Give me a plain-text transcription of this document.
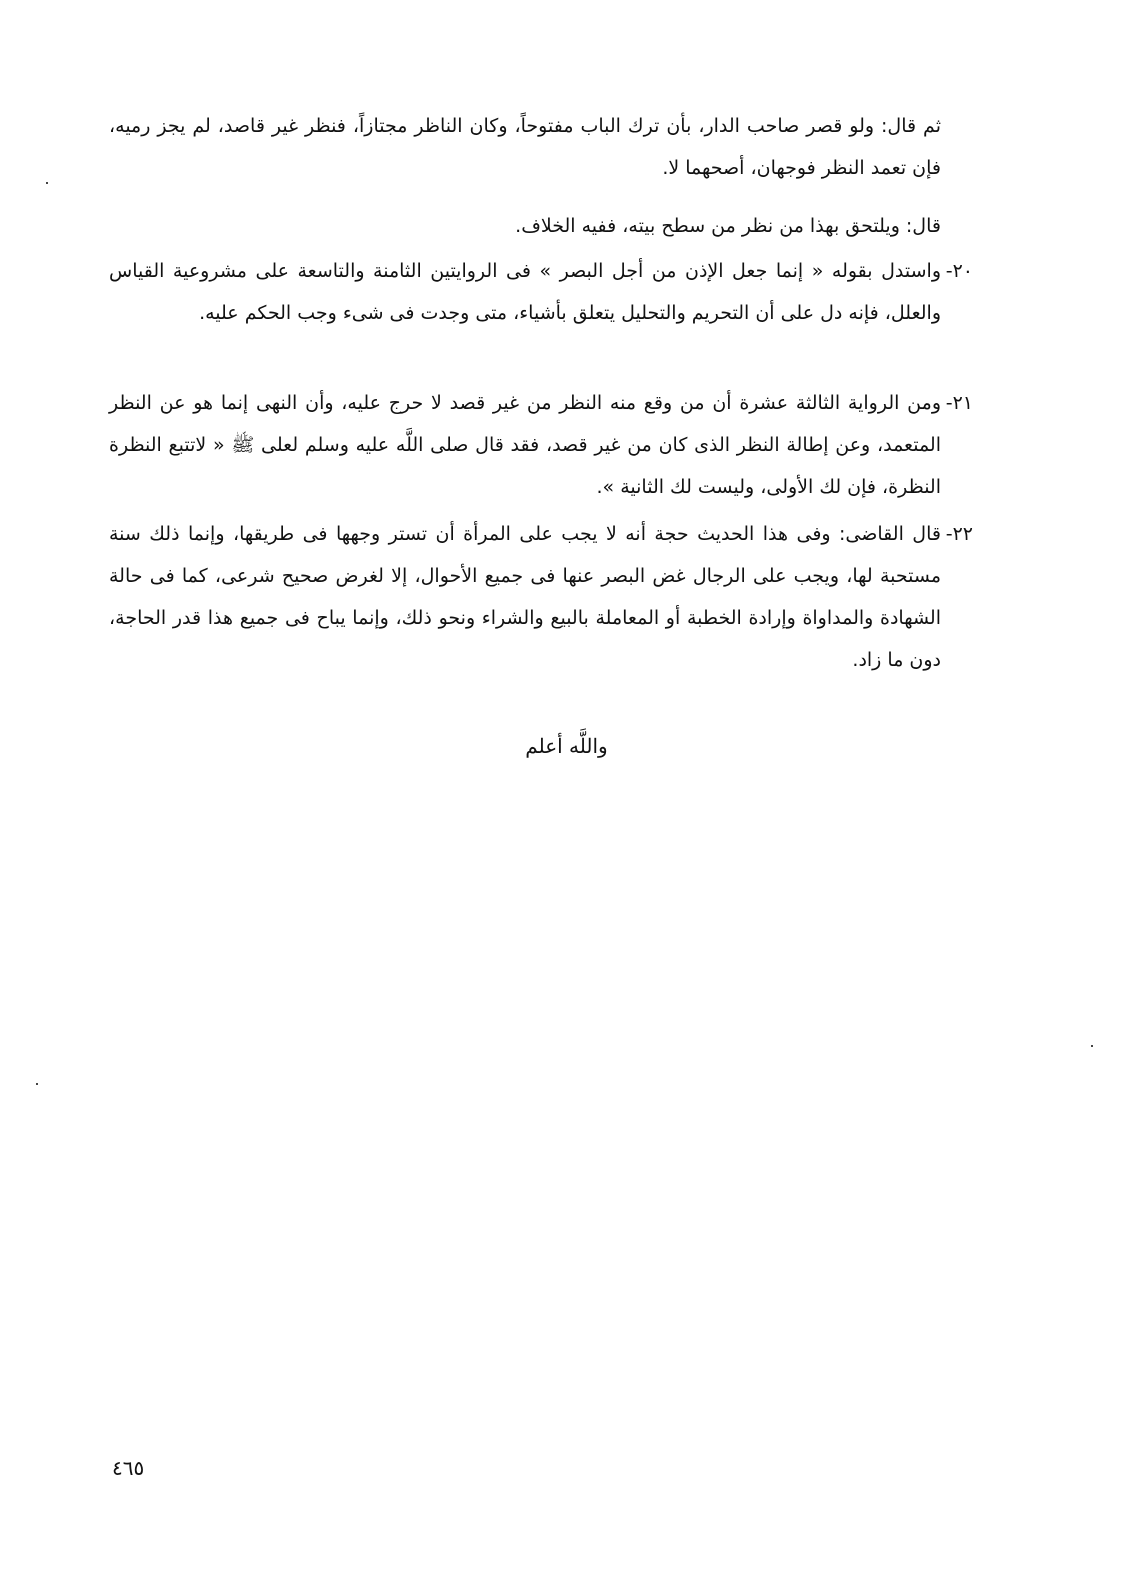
ثم قال: ولو قصر صاحب الدار، بأن ترك الباب مفتوحاً، وكان الناظر مجتازاً، فنظر غير قاصد، لم يجز رميه، فإن تعمد النظر فوجهان، أصحهما لا.

قال: ويلتحق بهذا من نظر من سطح بيته، ففيه الخلاف.

٢٠-
واستدل بقوله « إنما جعل الإذن من أجل البصر » فى الروايتين الثامنة والتاسعة على مشروعية القياس والعلل، فإنه دل على أن التحريم والتحليل يتعلق بأشياء، متى وجدت فى شىء وجب الحكم عليه.
٢١-
ومن الرواية الثالثة عشرة أن من وقع منه النظر من غير قصد لا حرج عليه، وأن النهى إنما هو عن النظر المتعمد، وعن إطالة النظر الذى كان من غير قصد، فقد قال صلى اللَّه عليه وسلم لعلى ﷺ « لاتتبع النظرة النظرة، فإن لك الأولى، وليست لك الثانية ».
٢٢-
قال القاضى: وفى هذا الحديث حجة أنه لا يجب على المرأة أن تستر وجهها فى طريقها، وإنما ذلك سنة مستحبة لها، ويجب على الرجال غض البصر عنها فى جميع الأحوال، إلا لغرض صحيح شرعى، كما فى حالة الشهادة والمداواة وإرادة الخطبة أو المعاملة بالبيع والشراء ونحو ذلك، وإنما يباح فى جميع هذا قدر الحاجة، دون ما زاد.
واللَّه أعلم
٤٦٥
